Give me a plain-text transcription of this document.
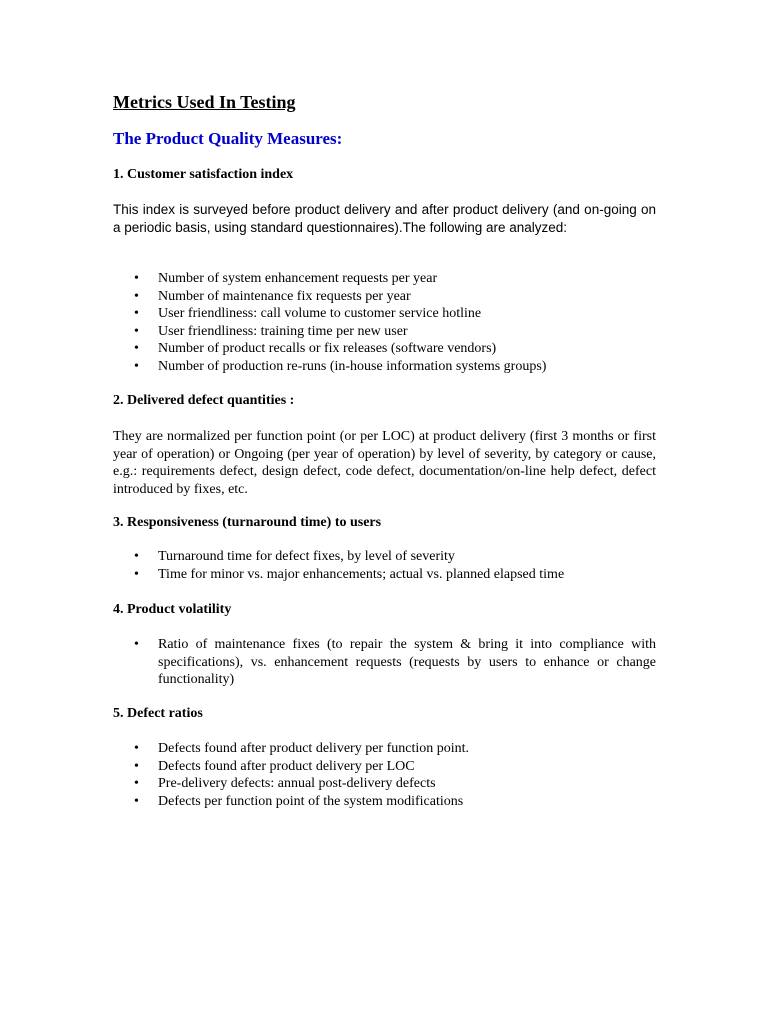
Metrics Used In Testing
The Product Quality Measures:
1. Customer satisfaction index

This index is surveyed before product delivery and after product delivery (and on-going on a periodic basis, using standard questionnaires).The following are analyzed:

• Number of system enhancement requests per year
• Number of maintenance fix requests per year
• User friendliness: call volume to customer service hotline
• User friendliness: training time per new user
• Number of product recalls or fix releases (software vendors)
• Number of production re-runs (in-house information systems groups)
2. Delivered defect quantities :

They are normalized per function point (or per LOC) at product delivery (first 3 months or first year of operation) or Ongoing (per year of operation) by level of severity, by category or cause, e.g.: requirements defect, design defect, code defect, documentation/on-line help defect, defect introduced by fixes, etc.

3. Responsiveness (turnaround time) to users
• Turnaround time for defect fixes, by level of severity
• Time for minor vs. major enhancements; actual vs. planned elapsed time
4. Product volatility
• Ratio of maintenance fixes (to repair the system & bring it into compliance with specifications), vs. enhancement requests (requests by users to enhance or change functionality)
5. Defect ratios
• Defects found after product delivery per function point.
• Defects found after product delivery per LOC
• Pre-delivery defects: annual post-delivery defects
• Defects per function point of the system modifications
